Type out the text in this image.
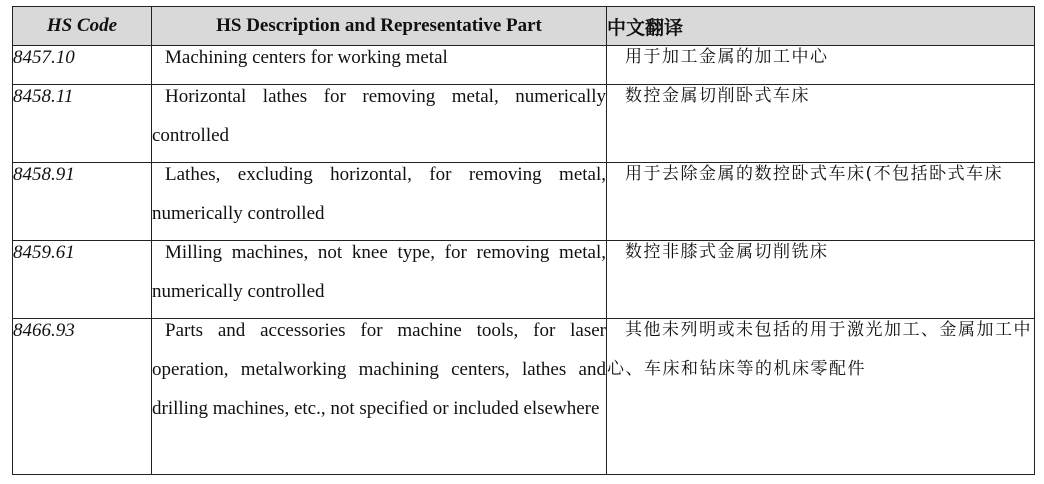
HS Code	HS Description and Representative Part	中文翻译
8457.10	Machining centers for working metal	用于加工金属的加工中心

8458.11	Horizontal lathes for removing metal, numerically controlled	数控金属切削卧式车床

8458.91	Lathes, excluding horizontal, for removing metal, numerically controlled	用于去除金属的数控卧式车床(不包括卧式车床

8459.61	Milling machines, not knee type, for removing metal, numerically controlled	数控非膝式金属切削铣床

8466.93	Parts and accessories for machine tools, for laser operation, metalworking machining centers, lathes and drilling machines, etc., not specified or included elsewhere	其他未列明或未包括的用于激光加工、金属加工中心、车床和钻床等的机床零配件
